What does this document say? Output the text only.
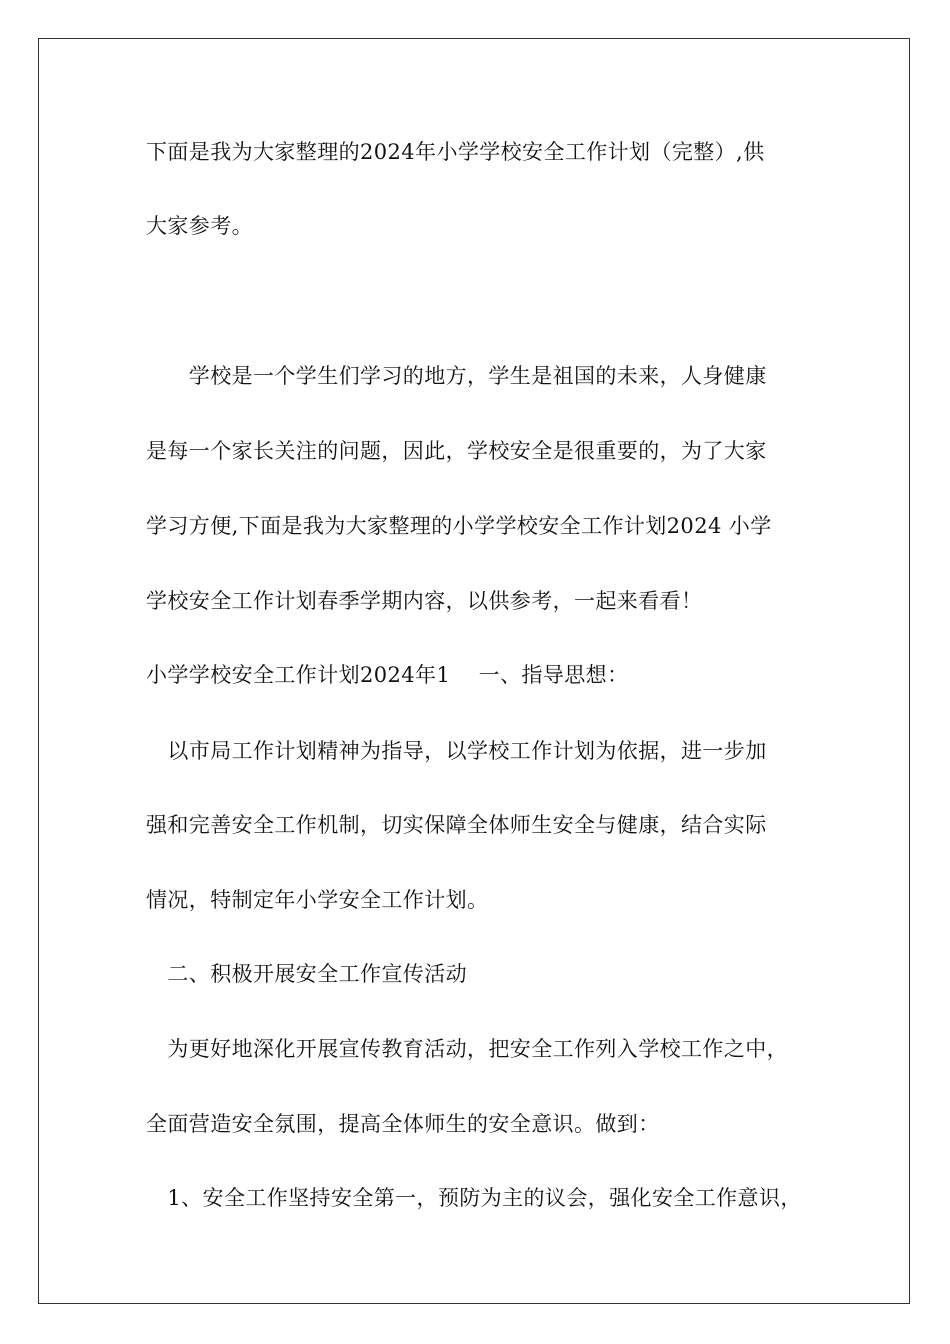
下面是我为大家整理的2024年小学学校安全工作计划（完整）,供
大家参考。
　　学校是一个学生们学习的地方，学生是祖国的未来，人身健康
是每一个家长关注的问题，因此，学校安全是很重要的，为了大家
学习方便,下面是我为大家整理的小学学校安全工作计划2024 小学
学校安全工作计划春季学期内容，以供参考，一起来看看！
小学学校安全工作计划2024年1　 一、指导思想：
　以市局工作计划精神为指导，以学校工作计划为依据，进一步加
强和完善安全工作机制，切实保障全体师生安全与健康，结合实际
情况，特制定年小学安全工作计划。
　二、积极开展安全工作宣传活动
　为更好地深化开展宣传教育活动，把安全工作列入学校工作之中，
全面营造安全氛围，提高全体师生的安全意识。做到：
　1、安全工作坚持安全第一，预防为主的议会，强化安全工作意识，
